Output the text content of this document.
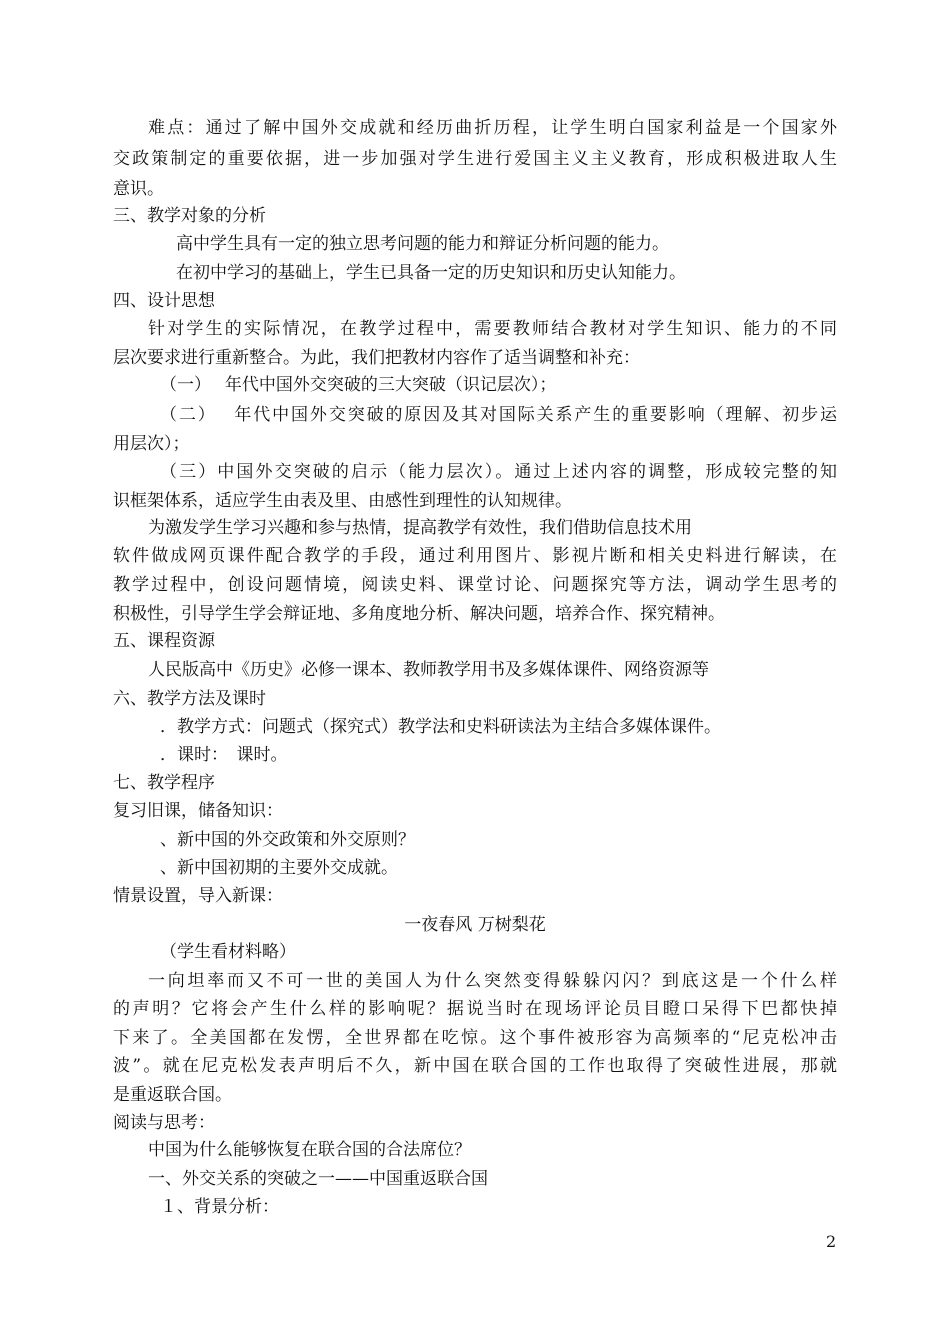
难点：通过了解中国外交成就和经历曲折历程，让学生明白国家利益是一个国家外
交政策制定的重要依据，进一步加强对学生进行爱国主义主义教育，形成积极进取人生
意识。
三、教学对象的分析
高中学生具有一定的独立思考问题的能力和辩证分析问题的能力。
在初中学习的基础上，学生已具备一定的历史知识和历史认知能力。
四、设计思想
针对学生的实际情况，在教学过程中，需要教师结合教材对学生知识、能力的不同
层次要求进行重新整合。为此，我们把教材内容作了适当调整和补充：
（一）　 年代中国外交突破的三大突破（识记层次）；
（二）　 年代中国外交突破的原因及其对国际关系产生的重要影响（理解、初步运
用层次）；
（三）中国外交突破的启示（能力层次）。通过上述内容的调整，形成较完整的知
识框架体系，适应学生由表及里、由感性到理性的认知规律。
为激发学生学习兴趣和参与热情，提高教学有效性，我们借助信息技术用
软件做成网页课件配合教学的手段，通过利用图片、影视片断和相关史料进行解读，在
教学过程中，创设问题情境，阅读史料、课堂讨论、问题探究等方法，调动学生思考的
积极性，引导学生学会辩证地、多角度地分析、解决问题，培养合作、探究精神。
五、课程资源
人民版高中《历史》必修一课本、教师教学用书及多媒体课件、网络资源等
六、教学方法及课时
．教学方式：问题式（探究式）教学法和史料研读法为主结合多媒体课件。
．课时：　课时。
七、教学程序
复习旧课，储备知识：
、新中国的外交政策和外交原则？
、新中国初期的主要外交成就。
情景设置，导入新课：
一夜春风 万树梨花
（学生看材料略）
一向坦率而又不可一世的美国人为什么突然变得躲躲闪闪？到底这是一个什么样
的声明？它将会产生什么样的影响呢？据说当时在现场评论员目瞪口呆得下巴都快掉
下来了。全美国都在发愣，全世界都在吃惊。这个事件被形容为高频率的“尼克松冲击
波”。就在尼克松发表声明后不久，新中国在联合国的工作也取得了突破性进展，那就
是重返联合国。
阅读与思考：
中国为什么能够恢复在联合国的合法席位？
一、外交关系的突破之一——中国重返联合国
１、背景分析：
2
